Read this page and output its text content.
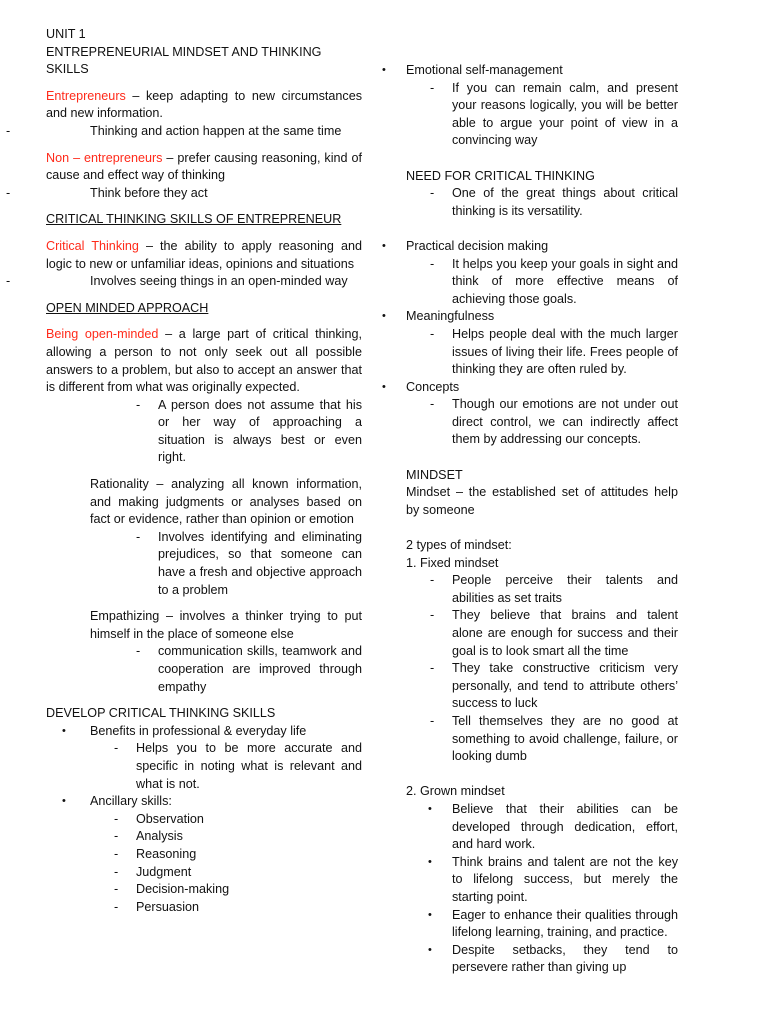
UNIT 1

ENTREPRENEURIAL MINDSET AND THINKING SKILLS

Entrepreneurs – keep adapting to new circumstances and new information.

-	Thinking and action happen at the same time

Non – entrepreneurs – prefer causing reasoning, kind of cause and effect way of thinking

-	Think before they act

CRITICAL THINKING SKILLS OF ENTREPRENEUR

Critical Thinking – the ability to apply reasoning and logic to new or unfamiliar ideas, opinions and situations

-	Involves seeing things in an open-minded way

OPEN MINDED APPROACH

Being open-minded – a large part of critical thinking, allowing a person to not only seek out all possible answers to a problem, but also to accept an answer that is different from what was originally expected.

- A person does not assume that his or her way of approaching a situation is always best or even right.

Rationality – analyzing all known information, and making judgments or analyses based on fact or evidence, rather than opinion or emotion

- Involves identifying and eliminating prejudices, so that someone can have a fresh and objective approach to a problem

Empathizing – involves a thinker trying to put himself in the place of someone else

- communication skills, teamwork and cooperation are improved through empathy

DEVELOP CRITICAL THINKING SKILLS

• Benefits in professional & everyday life

- Helps you to be more accurate and specific in noting what is relevant and what is not.

• Ancillary skills:

- Observation

- Analysis

- Reasoning

- Judgment

- Decision-making

- Persuasion

• Emotional self-management

- If you can remain calm, and present your reasons logically, you will be better able to argue your point of view in a convincing way

NEED FOR CRITICAL THINKING

- One of the great things about critical thinking is its versatility.

• Practical decision making

- It helps you keep your goals in sight and think of more effective means of achieving those goals.

• Meaningfulness

- Helps people deal with the much larger issues of living their life. Frees people of thinking they are often ruled by.

• Concepts

- Though our emotions are not under out direct control, we can indirectly affect them by addressing our concepts.

MINDSET

Mindset – the established set of attitudes help by someone

2 types of mindset:

1. Fixed mindset

- People perceive their talents and abilities as set traits

- They believe that brains and talent alone are enough for success and their goal is to look smart all the time

- They take constructive criticism very personally, and tend to attribute others’ success to luck

- Tell themselves they are no good at something to avoid challenge, failure, or looking dumb

2. Grown mindset

• Believe that their abilities can be developed through dedication, effort, and hard work.

• Think brains and talent are not the key to lifelong success, but merely the starting point.

• Eager to enhance their qualities through lifelong learning, training, and practice.

• Despite setbacks, they tend to persevere rather than giving up
